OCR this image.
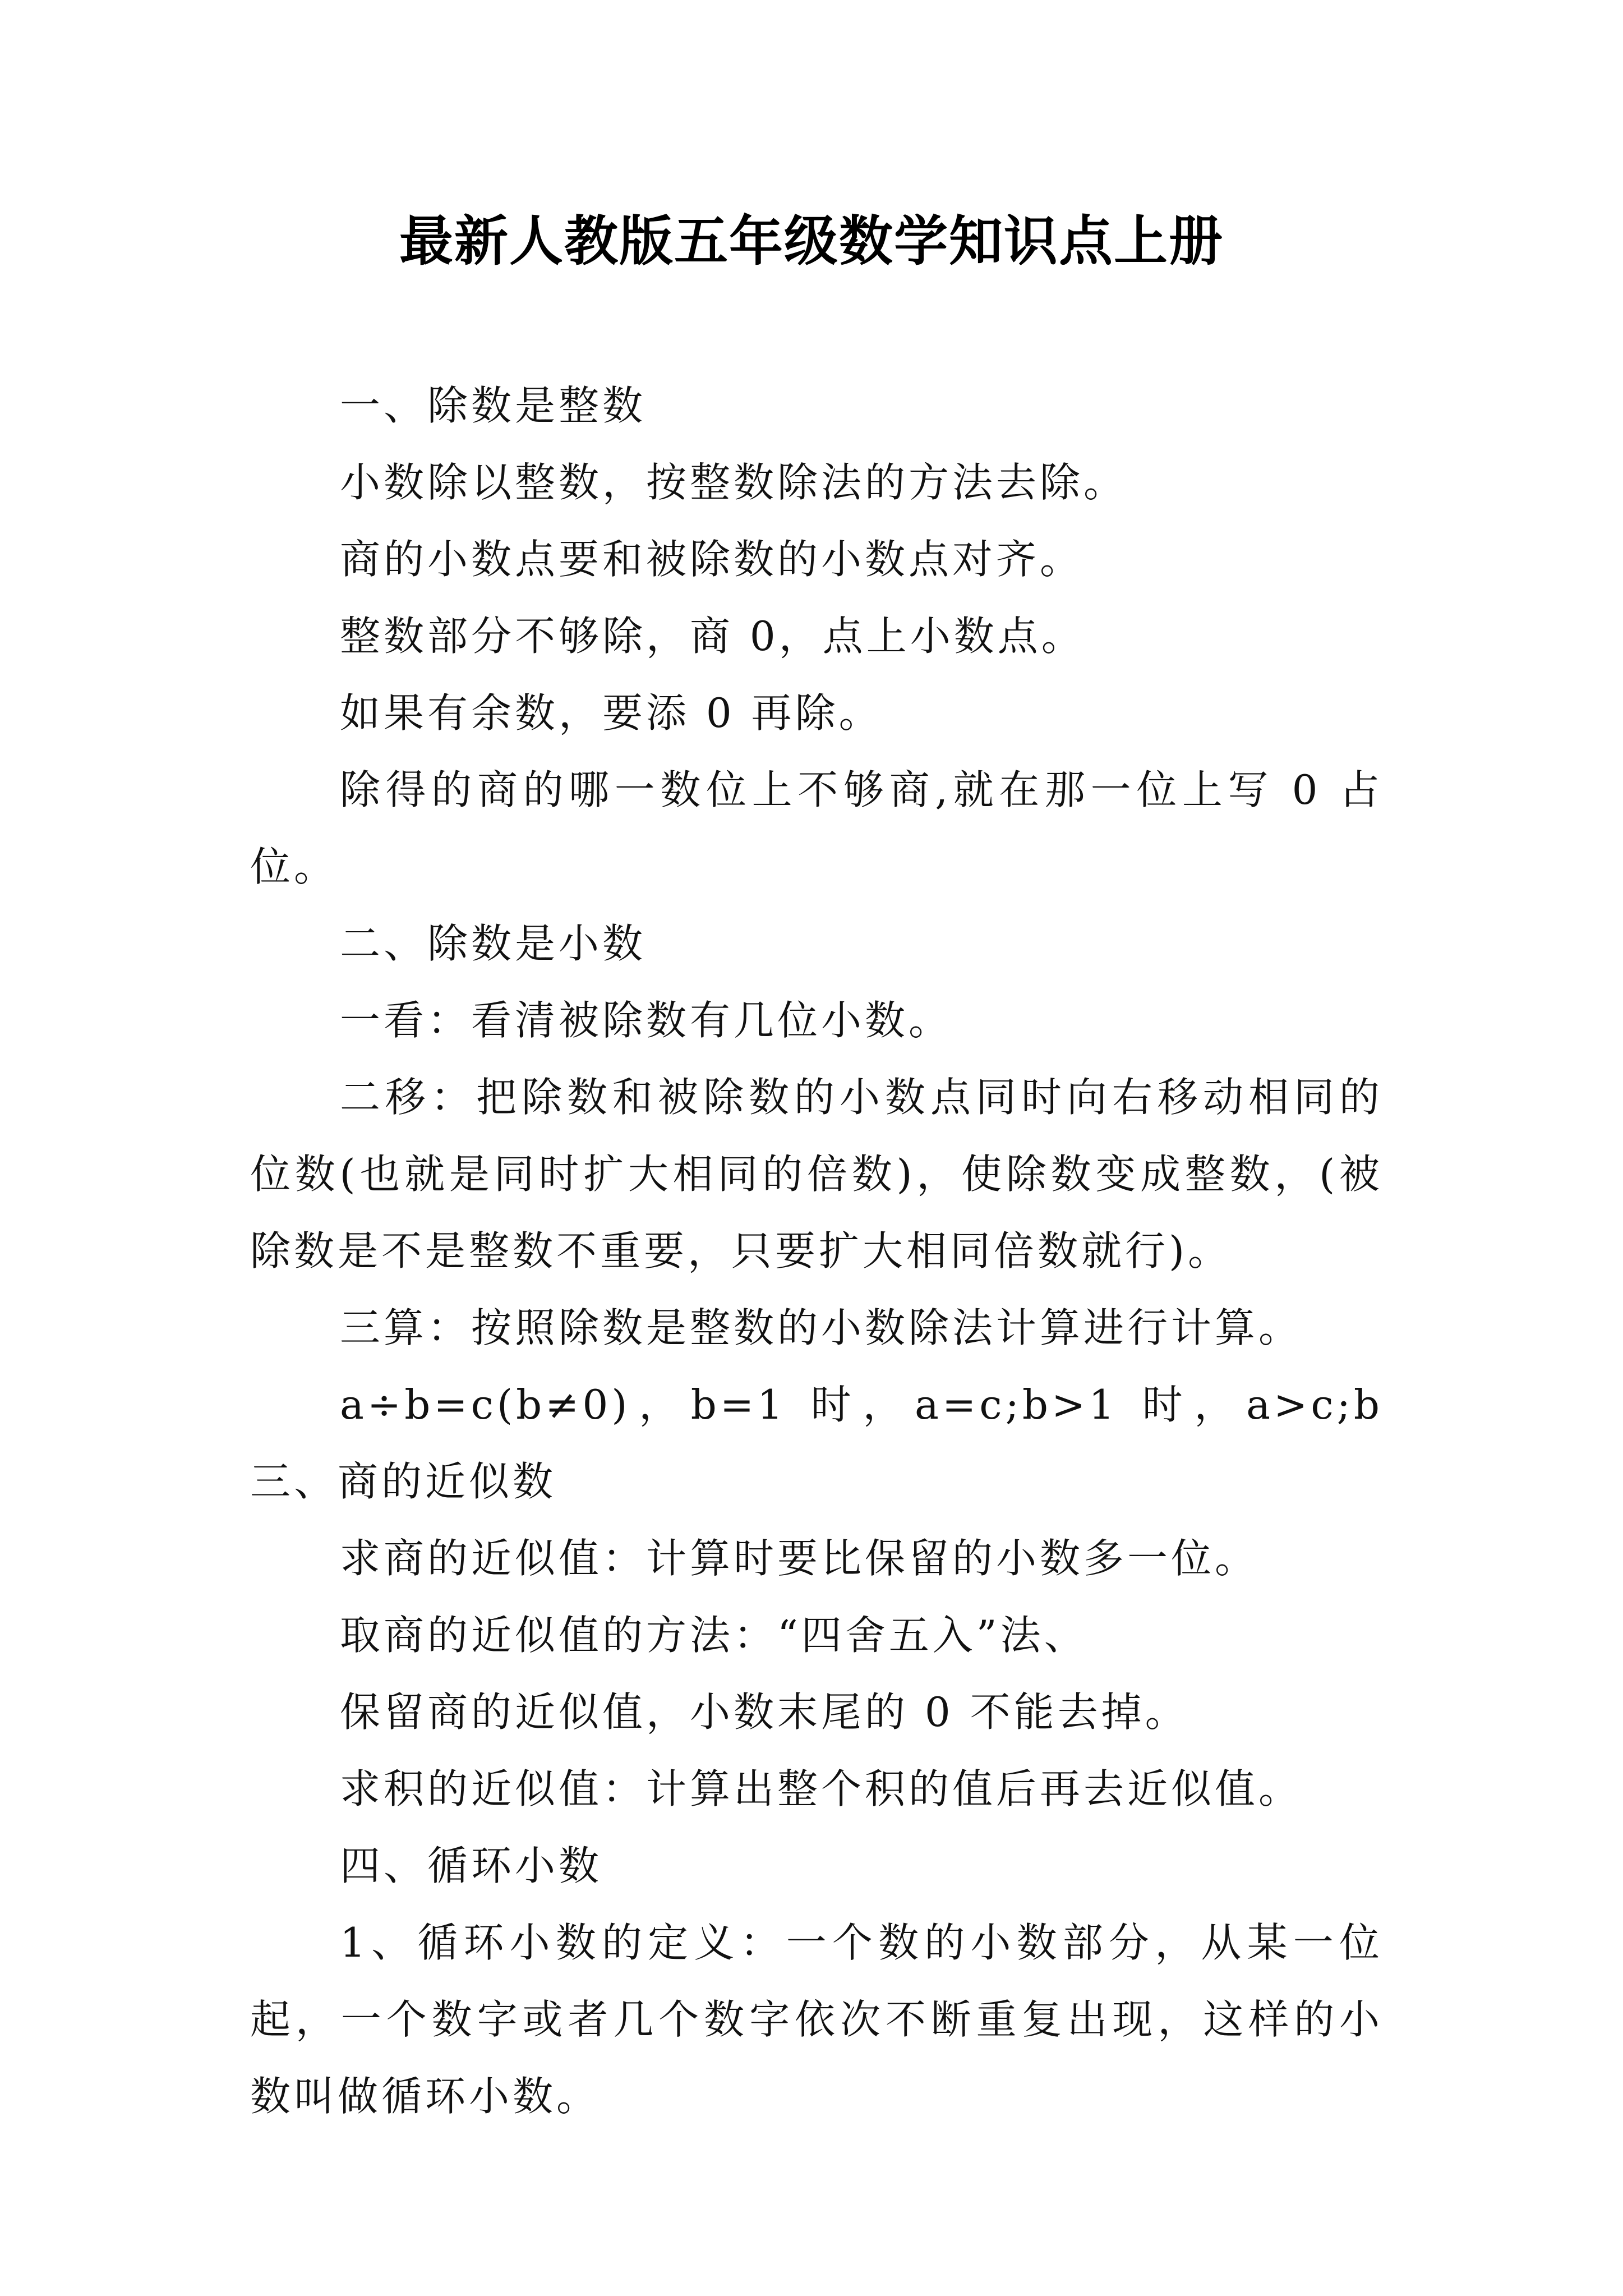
最新人教版五年级数学知识点上册

一、除数是整数

小数除以整数，按整数除法的方法去除。

商的小数点要和被除数的小数点对齐。

整数部分不够除，商 0，点上小数点。

如果有余数，要添 0 再除。

除得的商的哪一数位上不够商,就在那一位上写 0 占位。

二、除数是小数

一看：看清被除数有几位小数。

二移：把除数和被除数的小数点同时向右移动相同的位数(也就是同时扩大相同的倍数)，使除数变成整数，(被除数是不是整数不重要，只要扩大相同倍数就行)。

三算：按照除数是整数的小数除法计算进行计算。

a÷b=c(b≠0)，b=1 时，a=c;b>1 时，a>c;b　　　三、商的近似数

求商的近似值：计算时要比保留的小数多一位。

取商的近似值的方法：“四舍五入”法、

保留商的近似值，小数末尾的 0 不能去掉。

求积的近似值：计算出整个积的值后再去近似值。

四、循环小数

1、循环小数的定义：一个数的小数部分，从某一位起，一个数字或者几个数字依次不断重复出现，这样的小数叫做循环小数。
